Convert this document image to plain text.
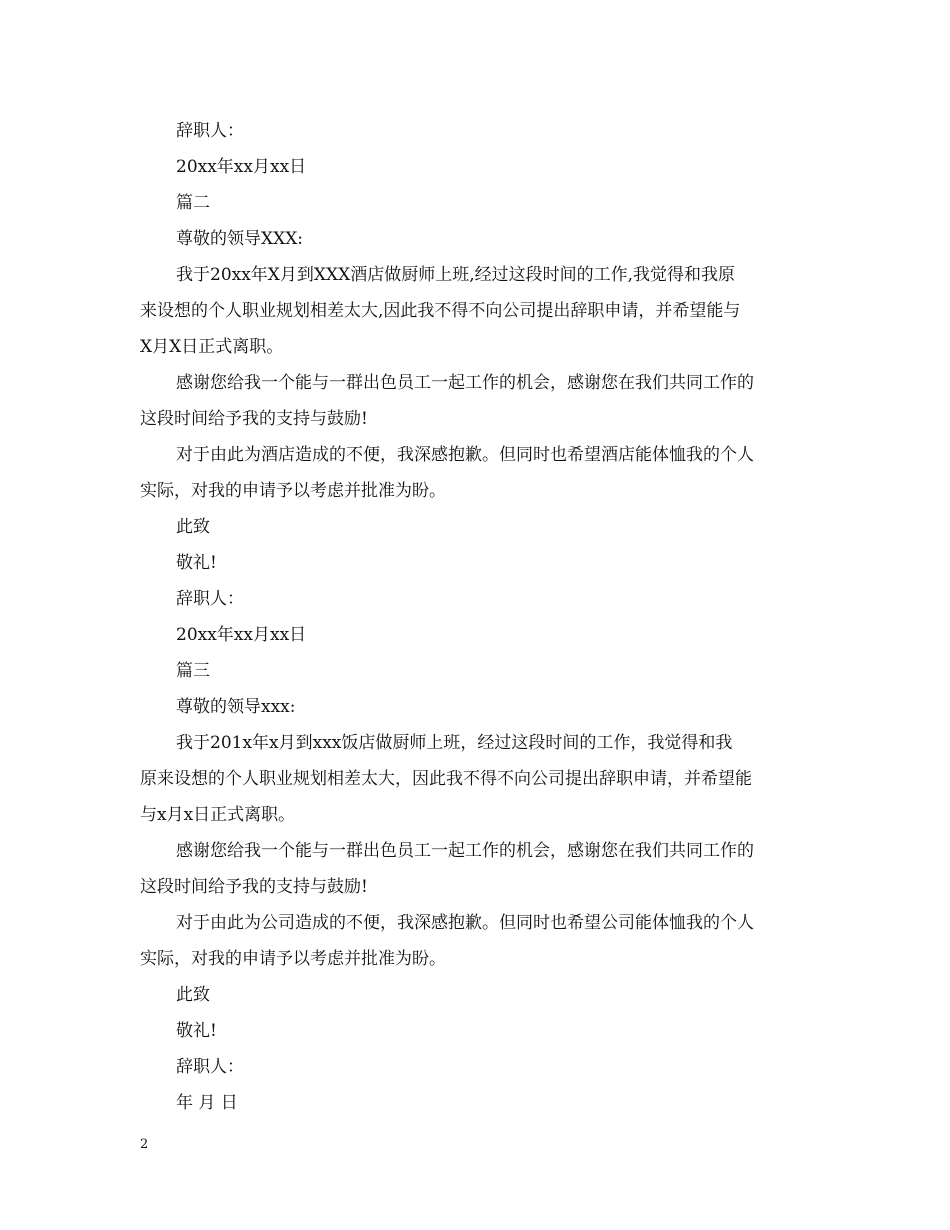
辞职人：

20xx年xx月xx日

篇二

尊敬的领导XXX:

我于20xx年X月到XXX酒店做厨师上班,经过这段时间的工作,我觉得和我原

来设想的个人职业规划相差太大,因此我不得不向公司提出辞职申请，并希望能与

X月X日正式离职。

感谢您给我一个能与一群出色员工一起工作的机会，感谢您在我们共同工作的

这段时间给予我的支持与鼓励!

对于由此为酒店造成的不便，我深感抱歉。但同时也希望酒店能体恤我的个人

实际，对我的申请予以考虑并批准为盼。

此致

敬礼!

辞职人：

20xx年xx月xx日

篇三

尊敬的领导xxx:

我于201x年x月到xxx饭店做厨师上班，经过这段时间的工作，我觉得和我

原来设想的个人职业规划相差太大，因此我不得不向公司提出辞职申请，并希望能

与x月x日正式离职。

感谢您给我一个能与一群出色员工一起工作的机会，感谢您在我们共同工作的

这段时间给予我的支持与鼓励!

对于由此为公司造成的不便，我深感抱歉。但同时也希望公司能体恤我的个人

实际，对我的申请予以考虑并批准为盼。

此致

敬礼!

辞职人：

年 月 日

2
